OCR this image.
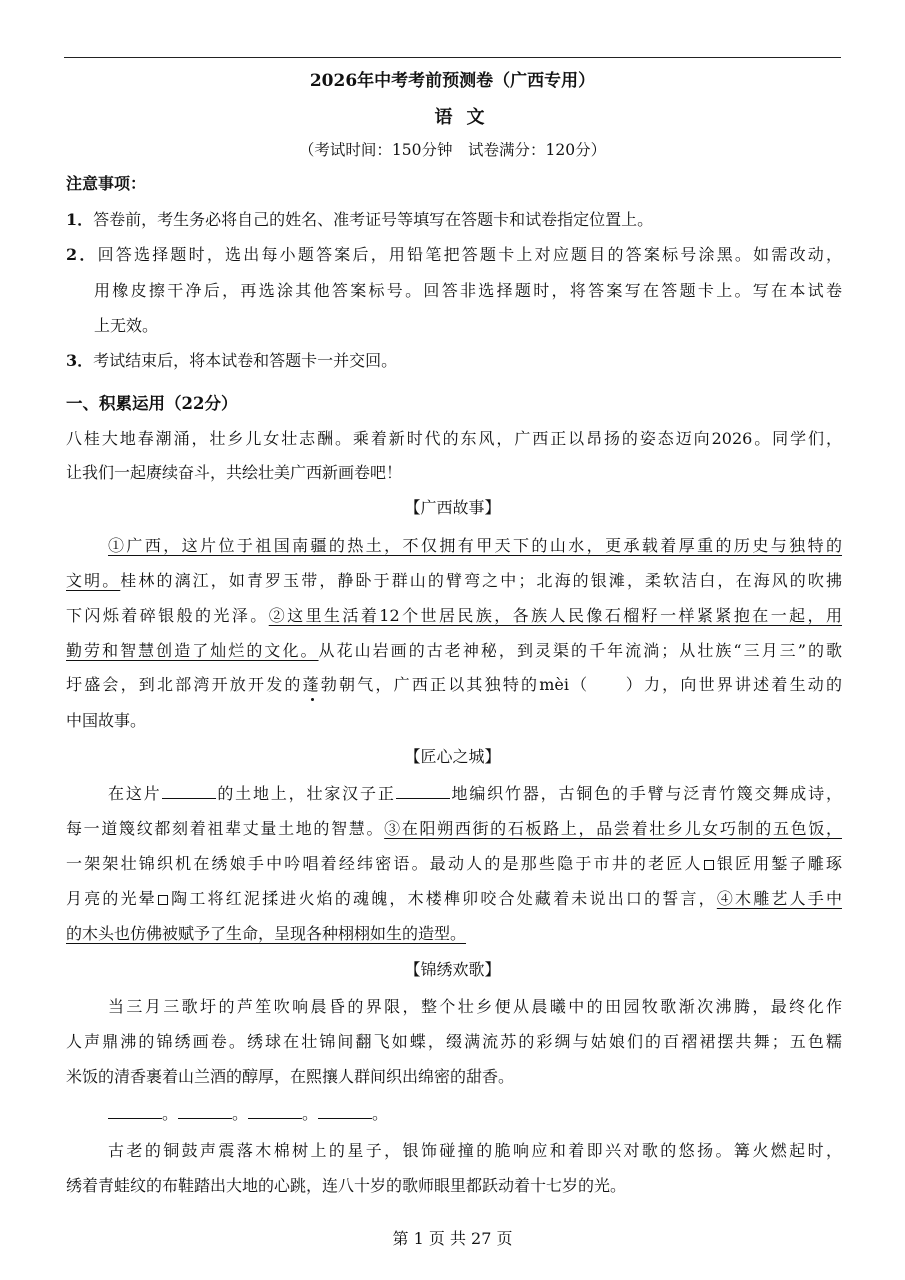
2026年中考考前预测卷（广西专用）
语文
（考试时间：150分钟　试卷满分：120分）
注意事项：
1．答卷前，考生务必将自己的姓名、准考证号等填写在答题卡和试卷指定位置上。
2．回答选择题时，选出每小题答案后，用铅笔把答题卡上对应题目的答案标号涂黑。如需改动，
用橡皮擦干净后，再选涂其他答案标号。回答非选择题时，将答案写在答题卡上。写在本试卷
上无效。
3．考试结束后，将本试卷和答题卡一并交回。
一、积累运用（22分）
八桂大地春潮涌，壮乡儿女壮志酬。乘着新时代的东风，广西正以昂扬的姿态迈向2026。同学们，
让我们一起赓续奋斗，共绘壮美广西新画卷吧！
【广西故事】
①广西，这片位于祖国南疆的热土，不仅拥有甲天下的山水，更承载着厚重的历史与独特的
文明。桂林的漓江，如青罗玉带，静卧于群山的臂弯之中；北海的银滩，柔软洁白，在海风的吹拂
下闪烁着碎银般的光泽。②这里生活着12个世居民族，各族人民像石榴籽一样紧紧抱在一起，用
勤劳和智慧创造了灿烂的文化。从花山岩画的古老神秘，到灵渠的千年流淌；从壮族“三月三”的歌
圩盛会，到北部湾开放开发的蓬勃朝气，广西正以其独特的mèi（　　）力，向世界讲述着生动的
中国故事。
【匠心之城】
在这片	的土地上，壮家汉子正	地编织竹器，古铜色的手臂与泛青竹篾交舞成诗，
每一道篾纹都刻着祖辈丈量土地的智慧。③在阳朔西街的石板路上，品尝着壮乡儿女巧制的五色饭，
一架架壮锦织机在绣娘手中吟唱着经纬密语。最动人的是那些隐于市井的老匠人 银匠用錾子雕琢
月亮的光晕 陶工将红泥揉进火焰的魂魄，木楼榫卯咬合处藏着未说出口的誓言，④木雕艺人手中
的木头也仿佛被赋予了生命，呈现各种栩栩如生的造型。
【锦绣欢歌】
当三月三歌圩的芦笙吹响晨昏的界限，整个壮乡便从晨曦中的田园牧歌渐次沸腾，最终化作
人声鼎沸的锦绣画卷。绣球在壮锦间翻飞如蝶，缀满流苏的彩绸与姑娘们的百褶裙摆共舞；五色糯
米饭的清香裹着山兰酒的醇厚，在熙攘人群间织出绵密的甜香。
。	。	。	。
古老的铜鼓声震落木棉树上的星子，银饰碰撞的脆响应和着即兴对歌的悠扬。篝火燃起时，
绣着青蛙纹的布鞋踏出大地的心跳，连八十岁的歌师眼里都跃动着十七岁的光。
第 1 页 共 27 页
